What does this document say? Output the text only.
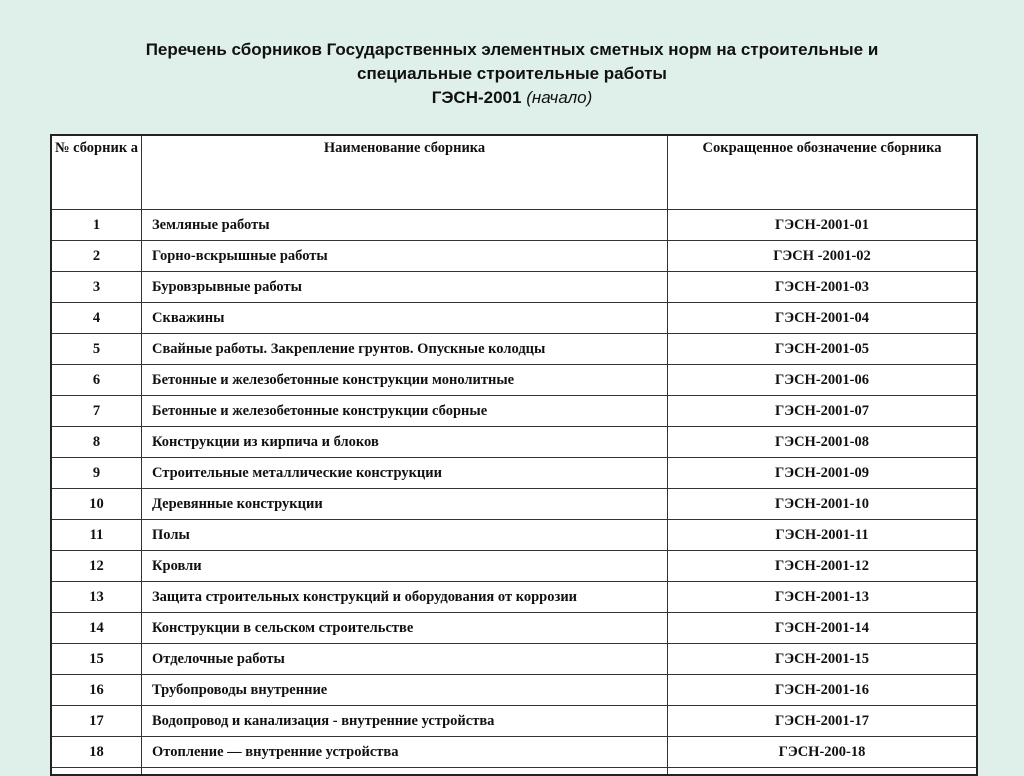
Перечень сборников Государственных элементных сметных норм на строительные и
специальные строительные работы
ГЭСН-2001 (начало)
№ сборник а	Наименование сборника	Сокращенное обозначение сборника
1	Земляные работы	ГЭСН-2001-01
2	Горно-вскрышные работы	ГЭСН -2001-02
3	Буровзрывные работы	ГЭСН-2001-03
4	Скважины	ГЭСН-2001-04
5	Свайные работы. Закрепление грунтов. Опускные колодцы	ГЭСН-2001-05
6	Бетонные и железобетонные конструкции монолитные	ГЭСН-2001-06
7	Бетонные и железобетонные конструкции сборные	ГЭСН-2001-07
8	Конструкции из кирпича и блоков	ГЭСН-2001-08
9	Строительные металлические конструкции	ГЭСН-2001-09
10	Деревянные конструкции	ГЭСН-2001-10
11	Полы	ГЭСН-2001-11
12	Кровли	ГЭСН-2001-12
13	Защита строительных конструкций и оборудования от коррозии	ГЭСН-2001-13
14	Конструкции в сельском строительстве	ГЭСН-2001-14
15	Отделочные работы	ГЭСН-2001-15
16	Трубопроводы внутренние	ГЭСН-2001-16
17	Водопровод и канализация - внутренние устройства	ГЭСН-2001-17
18	Отопление — внутренние устройства	ГЭСН-200-18
